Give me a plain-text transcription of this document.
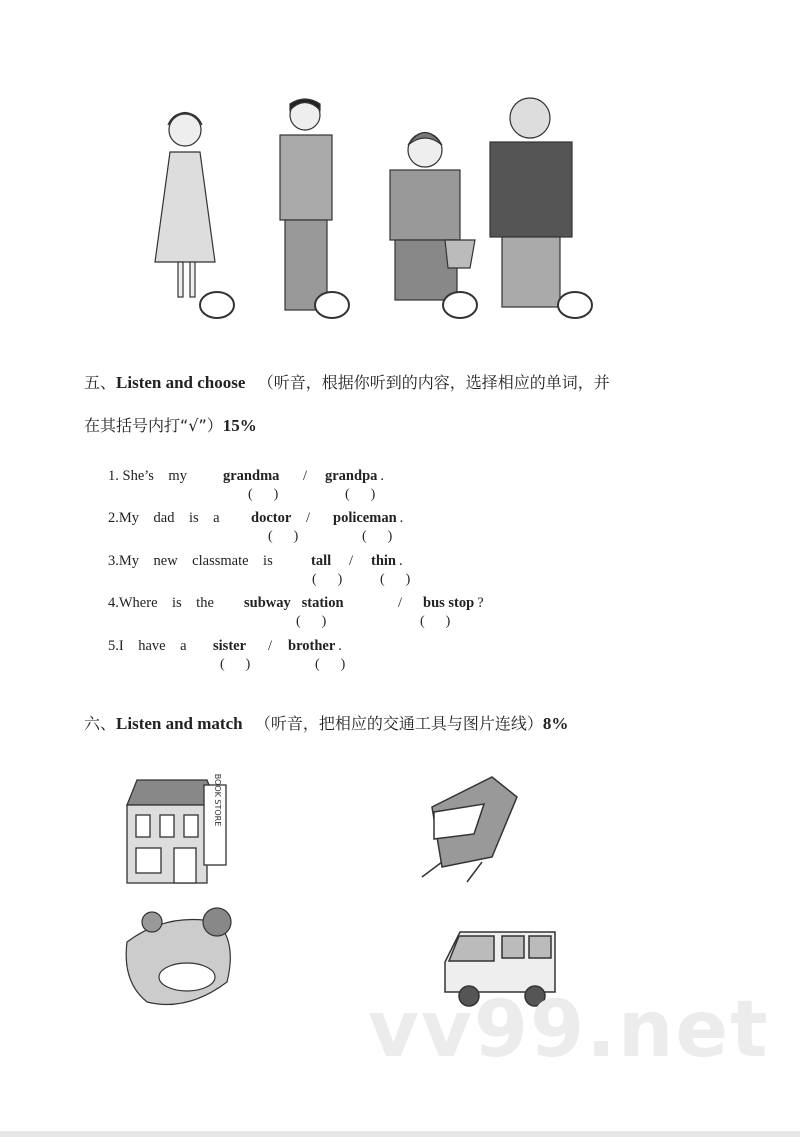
五、Listen and choose （听音，根据你听到的内容，选择相应的单词，并
在其括号内打“√”）15%
六、Listen and match （听音，把相应的交通工具与图片连线）8%
BOOK STORE
vv99.net
1. She’s    my grandma / grandpa .
(      )	(      )
2.My    dad    is    a doctor / policeman .
(      )	(      )
3.My    new    classmate    is	tall / thin .
(      )	(      )
4.Where    is    the subway   station	/ bus stop ?
(      )	(      )
5.I    have    a sister / brother .
(      )	(      )
